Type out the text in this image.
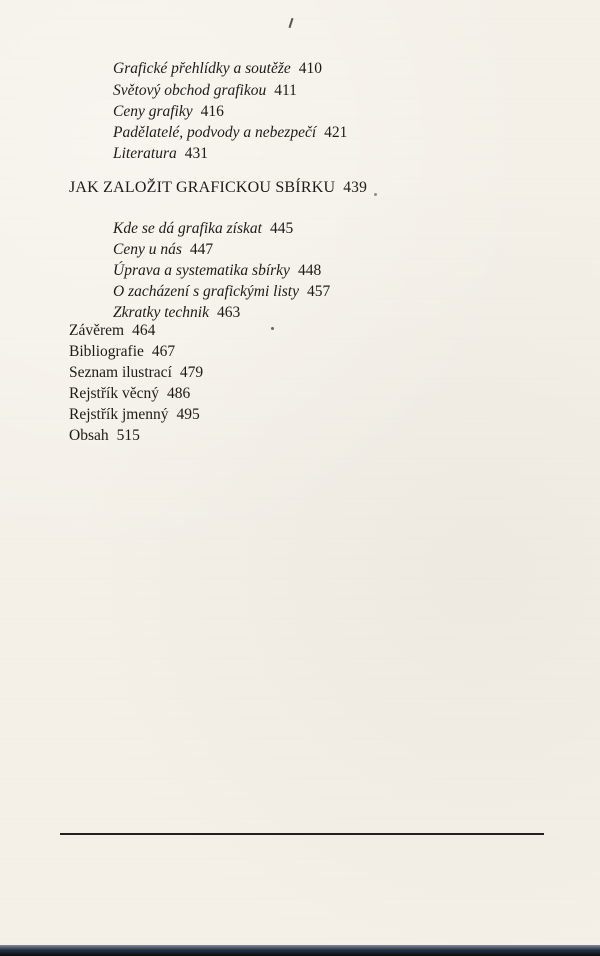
Grafické přehlídky a soutěže 410
Světový obchod grafikou 411
Ceny grafiky 416
Padělatelé, podvody a nebezpečí 421
Literatura 431
JAK ZALOŽIT GRAFICKOU SBÍRKU 439
Kde se dá grafika získat 445
Ceny u nás 447
Úprava a systematika sbírky 448
O zacházení s grafickými listy 457
Zkratky technik 463
Závěrem 464
Bibliografie 467
Seznam ilustrací 479
Rejstřík věcný 486
Rejstřík jmenný 495
Obsah 515
